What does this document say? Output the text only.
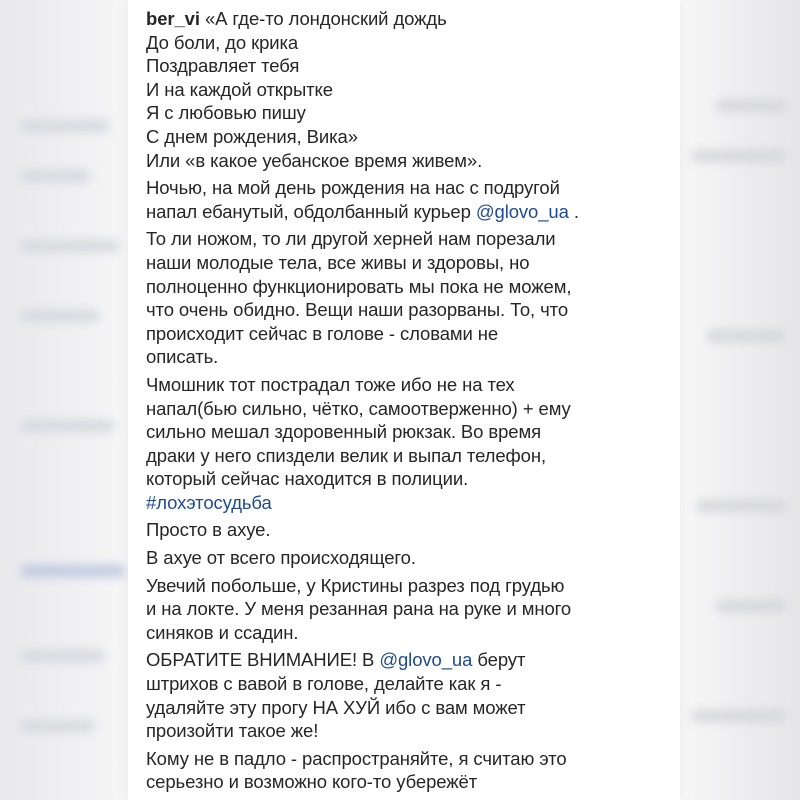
ber_vi «А где-то лондонский дождь
До боли, до крика
Поздравляет тебя
И на каждой открытке
Я с любовью пишу
С днем рождения, Вика»
Или «в какое уебанское время живем».
Ночью, на мой день рождения на нас с подругой
напал ебанутый, обдолбанный курьер @glovo_ua .
То ли ножом, то ли другой херней нам порезали
наши молодые тела, все живы и здоровы, но
полноценно функционировать мы пока не можем,
что очень обидно. Вещи наши разорваны. То, что
происходит сейчас в голове - словами не
описать.
Чмошник тот пострадал тоже ибо не на тех
напал(бью сильно, чётко, самоотверженно) + ему
сильно мешал здоровенный рюкзак. Во время
драки у него спиздели велик и выпал телефон,
который сейчас находится в полиции.
#лохэтосудьба
Просто в ахуе.
В ахуе от всего происходящего.
Увечий побольше, у Кристины разрез под грудью
и на локте. У меня резанная рана на руке и много
синяков и ссадин.
ОБРАТИТЕ ВНИМАНИЕ! В @glovo_ua берут
штрихов с вавой в голове, делайте как я -
удаляйте эту прогу НА ХУЙ ибо с вам может
произойти такое же!
Кому не в падло - распространяйте, я считаю это
серьезно и возможно кого-то убережёт
